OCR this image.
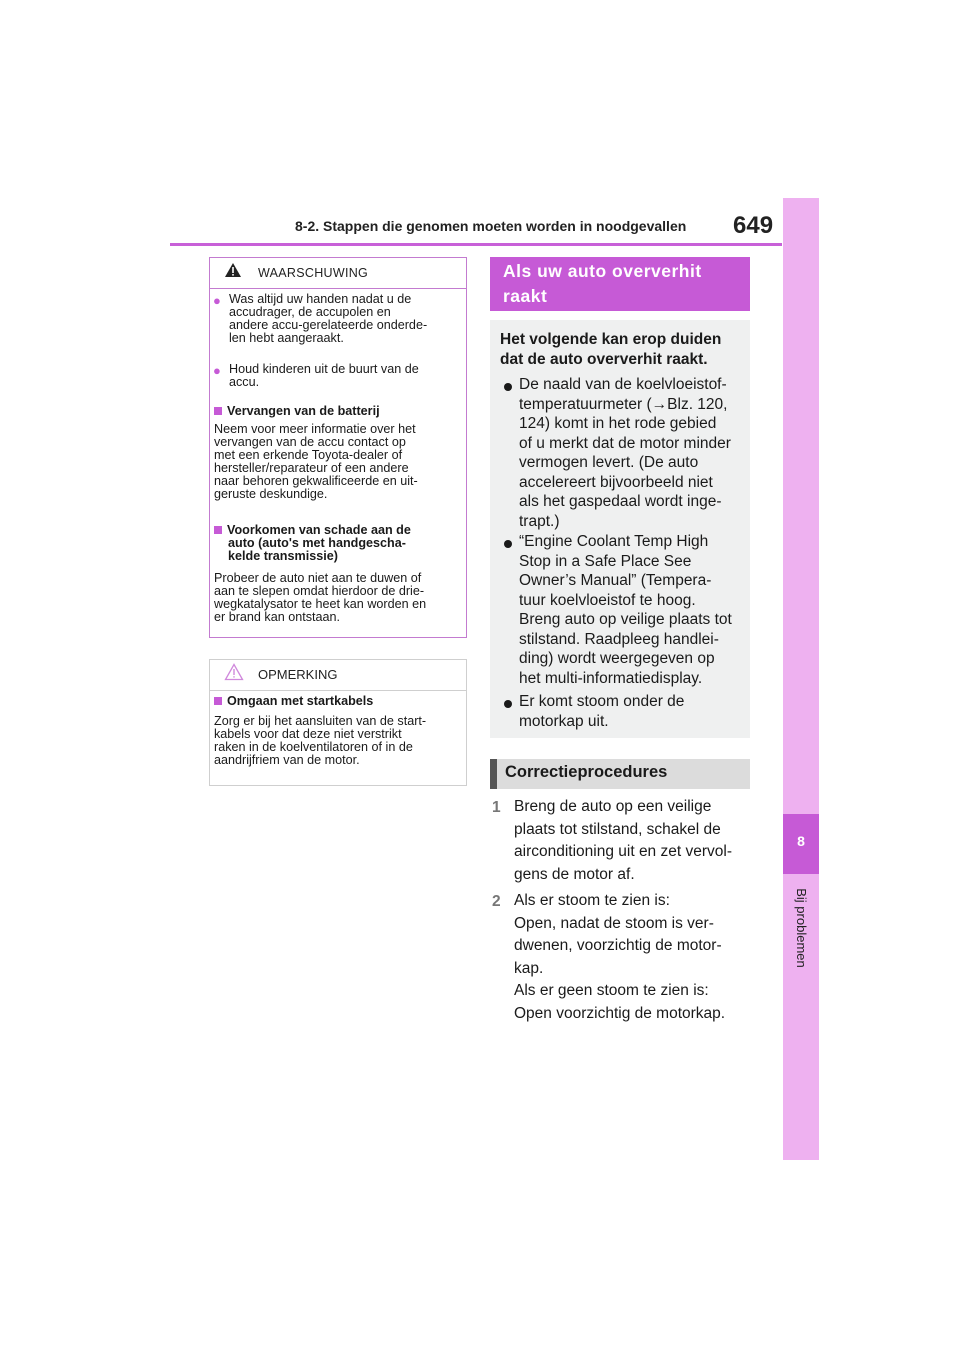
8-2. Stappen die genomen moeten worden in noodgevallen 649
8
Bij problemen
WAARSCHUWING
● Was altijd uw handen nadat u de
accudrager, de accupolen en
andere accu-gerelateerde onderde-
len hebt aangeraakt.
● Houd kinderen uit de buurt van de
accu.
Vervangen van de batterij
Neem voor meer informatie over het
vervangen van de accu contact op
met een erkende Toyota-dealer of
hersteller/reparateur of een andere
naar behoren gekwalificeerde en uit-
geruste deskundige.
Voorkomen van schade aan de
auto (auto's met handgescha-
kelde transmissie)
Probeer de auto niet aan te duwen of
aan te slepen omdat hierdoor de drie-
wegkatalysator te heet kan worden en
er brand kan ontstaan.
OPMERKING
Omgaan met startkabels
Zorg er bij het aansluiten van de start-
kabels voor dat deze niet verstrikt
raken in de koelventilatoren of in de
aandrijfriem van de motor.
Als uw auto oververhit
raakt
Het volgende kan erop duiden
dat de auto oververhit raakt.
De naald van de koelvloeistof-
temperatuurmeter (→Blz. 120,
124) komt in het rode gebied
of u merkt dat de motor minder
vermogen levert. (De auto
accelereert bijvoorbeeld niet
als het gaspedaal wordt inge-
trapt.)
“Engine Coolant Temp High
Stop in a Safe Place See
Owner’s Manual” (Tempera-
tuur koelvloeistof te hoog.
Breng auto op veilige plaats tot
stilstand. Raadpleeg handlei-
ding) wordt weergegeven op
het multi-informatiedisplay.
Er komt stoom onder de
motorkap uit.
Correctieprocedures
1 Breng de auto op een veilige
plaats tot stilstand, schakel de
airconditioning uit en zet vervol-
gens de motor af.
2 Als er stoom te zien is:
Open, nadat de stoom is ver-
dwenen, voorzichtig de motor-
kap.
Als er geen stoom te zien is:
Open voorzichtig de motorkap.
